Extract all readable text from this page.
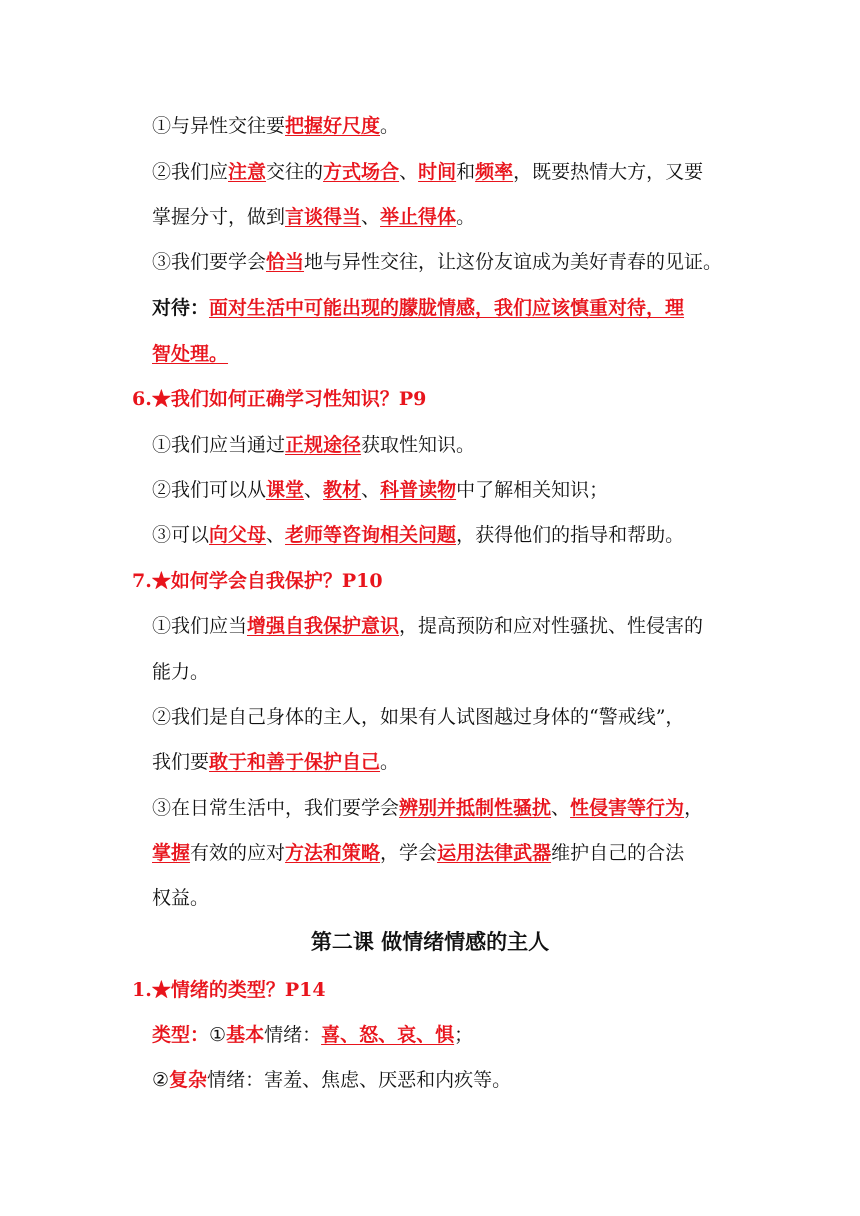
①与异性交往要把握好尺度。
②我们应注意交往的方式场合、时间和频率，既要热情大方，又要
掌握分寸，做到言谈得当、举止得体。
③我们要学会恰当地与异性交往，让这份友谊成为美好青春的见证。
对待：面对生活中可能出现的朦胧情感，我们应该慎重对待，理
智处理。
6.★我们如何正确学习性知识？P9
①我们应当通过正规途径获取性知识。
②我们可以从课堂、教材、科普读物中了解相关知识；
③可以向父母、老师等咨询相关问题，获得他们的指导和帮助。
7.★如何学会自我保护？P10
①我们应当增强自我保护意识，提高预防和应对性骚扰、性侵害的
能力。
②我们是自己身体的主人，如果有人试图越过身体的“警戒线”，
我们要敢于和善于保护自己。
③在日常生活中，我们要学会辨别并抵制性骚扰、性侵害等行为，
掌握有效的应对方法和策略，学会运用法律武器维护自己的合法
权益。
第二课 做情绪情感的主人
1.★情绪的类型？P14
类型：①基本情绪：喜、怒、哀、惧；
②复杂情绪：害羞、焦虑、厌恶和内疚等。
